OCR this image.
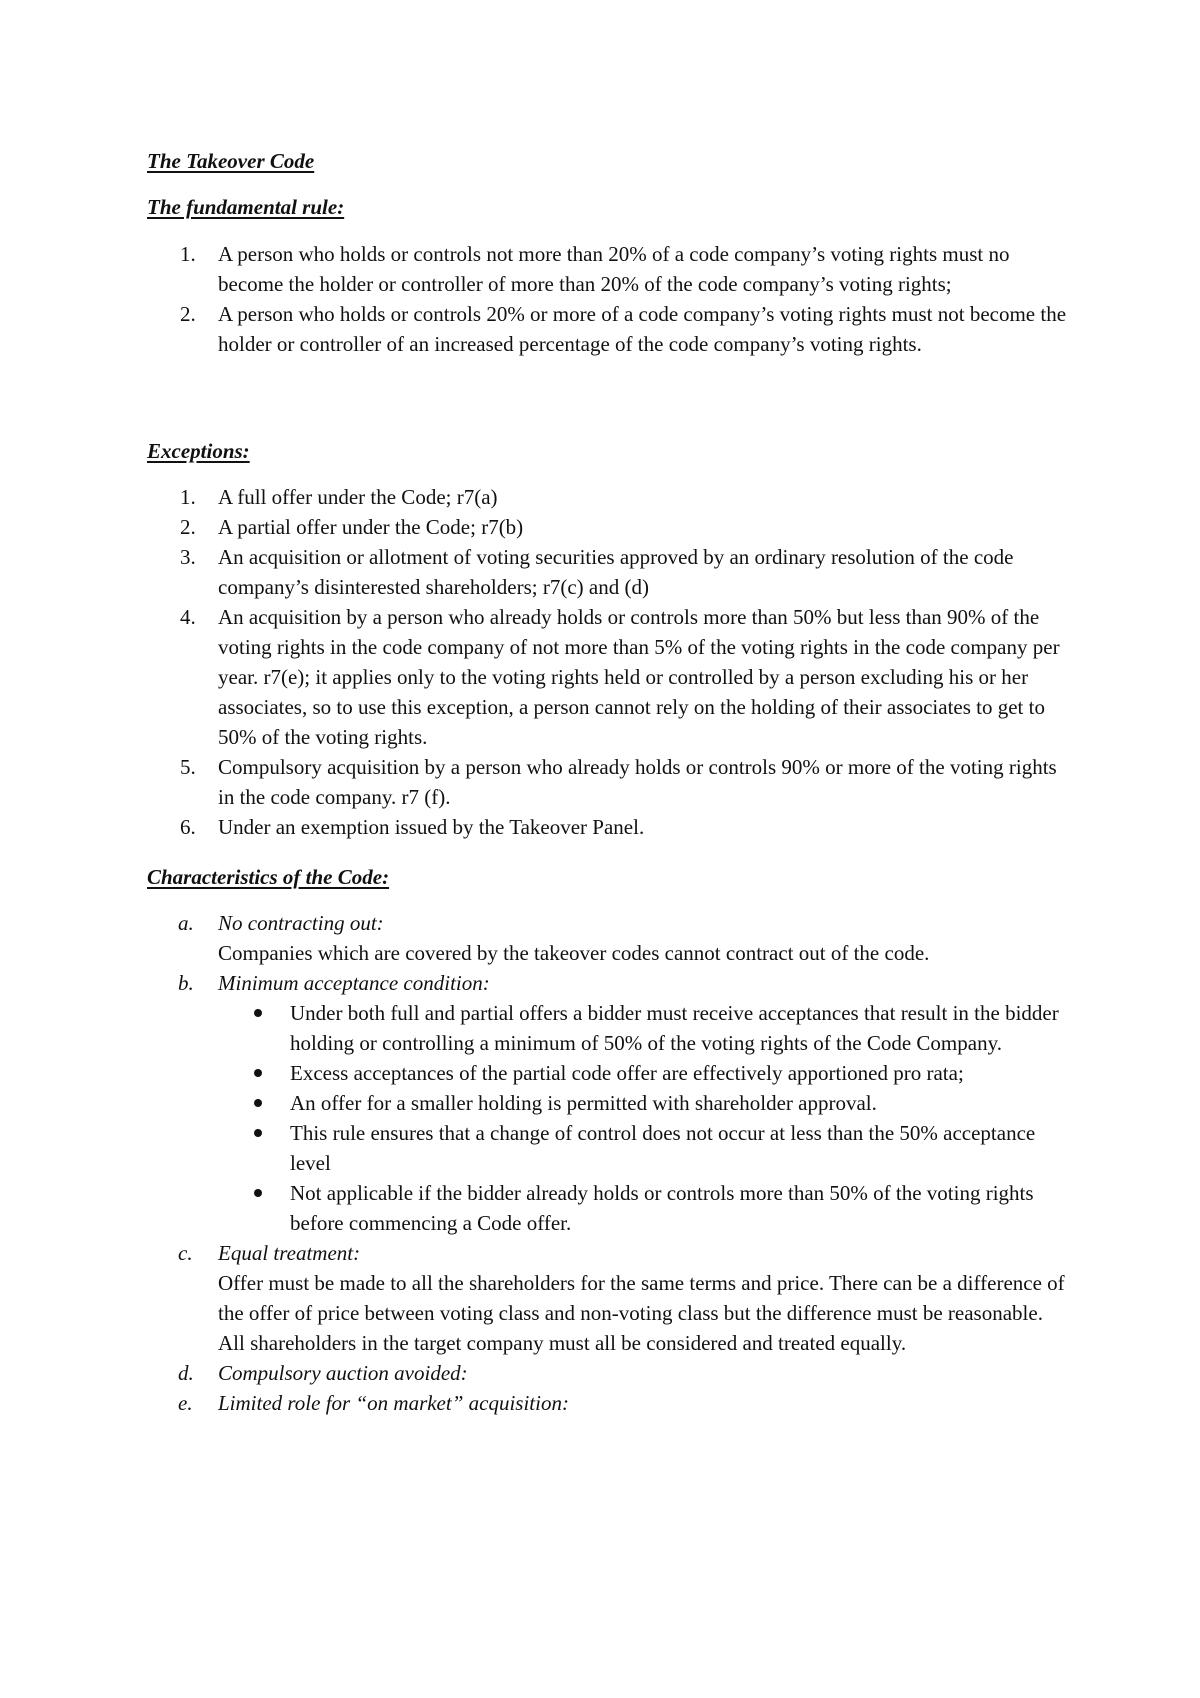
The Takeover Code
The fundamental rule:
1. A person who holds or controls not more than 20% of a code company’s voting rights must no become the holder or controller of more than 20% of the code company’s voting rights;
2. A person who holds or controls 20% or more of a code company’s voting rights must not become the holder or controller of an increased percentage of the code company’s voting rights.
Exceptions:
1. A full offer under the Code; r7(a)
2. A partial offer under the Code; r7(b)
3. An acquisition or allotment of voting securities approved by an ordinary resolution of the code company’s disinterested shareholders; r7(c) and (d)
4. An acquisition by a person who already holds or controls more than 50% but less than 90% of the voting rights in the code company of not more than 5% of the voting rights in the code company per year. r7(e); it applies only to the voting rights held or controlled by a person excluding his or her associates, so to use this exception, a person cannot rely on the holding of their associates to get to 50% of the voting rights.
5. Compulsory acquisition by a person who already holds or controls 90% or more of the voting rights in the code company. r7 (f).
6. Under an exemption issued by the Takeover Panel.
Characteristics of the Code:
a. No contracting out:
Companies which are covered by the takeover codes cannot contract out of the code.
b. Minimum acceptance condition:
Under both full and partial offers a bidder must receive acceptances that result in the bidder holding or controlling a minimum of 50% of the voting rights of the Code Company.
Excess acceptances of the partial code offer are effectively apportioned pro rata;
An offer for a smaller holding is permitted with shareholder approval.
This rule ensures that a change of control does not occur at less than the 50% acceptance level
Not applicable if the bidder already holds or controls more than 50% of the voting rights before commencing a Code offer.
c. Equal treatment:
Offer must be made to all the shareholders for the same terms and price. There can be a difference of the offer of price between voting class and non-voting class but the difference must be reasonable. All shareholders in the target company must all be considered and treated equally.
d. Compulsory auction avoided:
e. Limited role for “on market” acquisition:
